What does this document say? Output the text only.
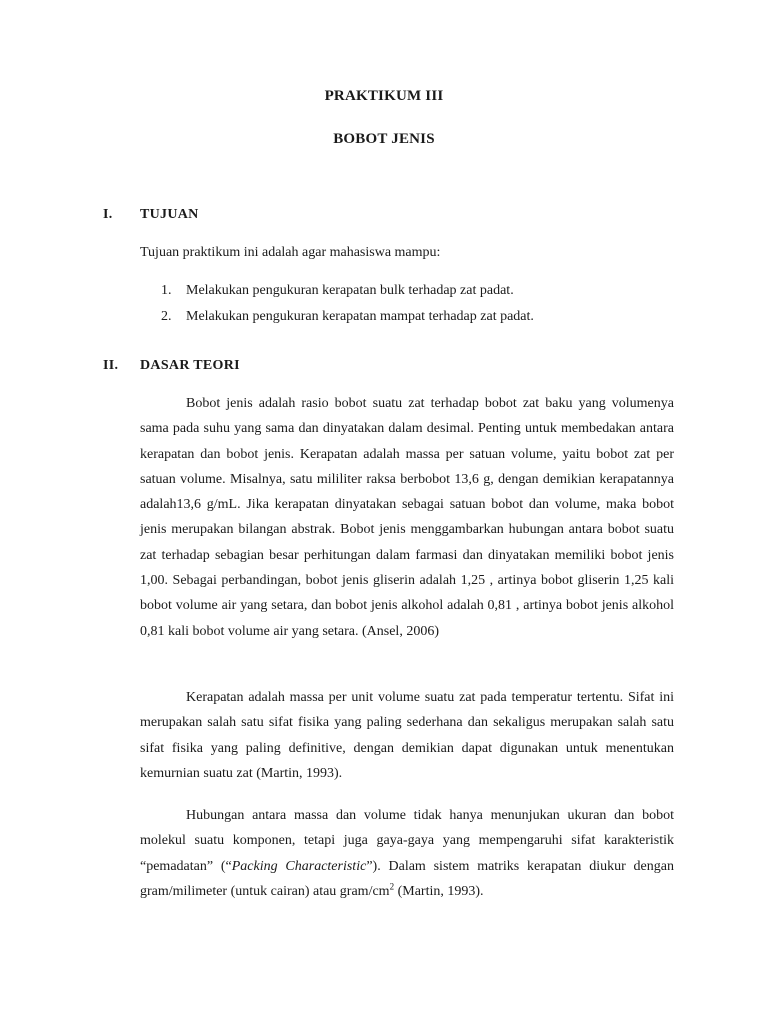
PRAKTIKUM III
BOBOT JENIS
I. TUJUAN
Tujuan praktikum ini adalah agar mahasiswa mampu:
1.	Melakukan pengukuran kerapatan bulk terhadap zat padat.
2.	Melakukan pengukuran kerapatan mampat terhadap zat padat.
II. DASAR TEORI

Bobot jenis adalah rasio bobot suatu zat terhadap bobot zat baku yang volumenya sama pada suhu yang sama dan dinyatakan dalam desimal. Penting untuk membedakan antara kerapatan dan bobot jenis. Kerapatan adalah massa per satuan volume, yaitu bobot zat per satuan volume. Misalnya, satu mililiter raksa berbobot 13,6 g, dengan demikian kerapatannya adalah13,6 g/mL. Jika kerapatan dinyatakan sebagai satuan bobot dan volume, maka bobot jenis merupakan bilangan abstrak. Bobot jenis menggambarkan hubungan antara bobot suatu zat terhadap sebagian besar perhitungan dalam farmasi dan dinyatakan memiliki bobot jenis 1,00. Sebagai perbandingan, bobot jenis gliserin adalah 1,25 , artinya bobot gliserin 1,25 kali bobot volume air yang setara, dan bobot jenis alkohol adalah 0,81 , artinya bobot jenis alkohol 0,81 kali bobot volume air yang setara. (Ansel, 2006)

Kerapatan adalah massa per unit volume suatu zat pada temperatur tertentu. Sifat ini merupakan salah satu sifat fisika yang paling sederhana dan sekaligus merupakan salah satu sifat fisika yang paling definitive, dengan demikian dapat digunakan untuk menentukan kemurnian suatu zat (Martin, 1993).

Hubungan antara massa dan volume tidak hanya menunjukan ukuran dan bobot molekul suatu komponen, tetapi juga gaya-gaya yang mempengaruhi sifat karakteristik “pemadatan” (“Packing Characteristic”). Dalam sistem matriks kerapatan diukur dengan gram/milimeter (untuk cairan) atau gram/$cm^2$ (Martin, 1993).
